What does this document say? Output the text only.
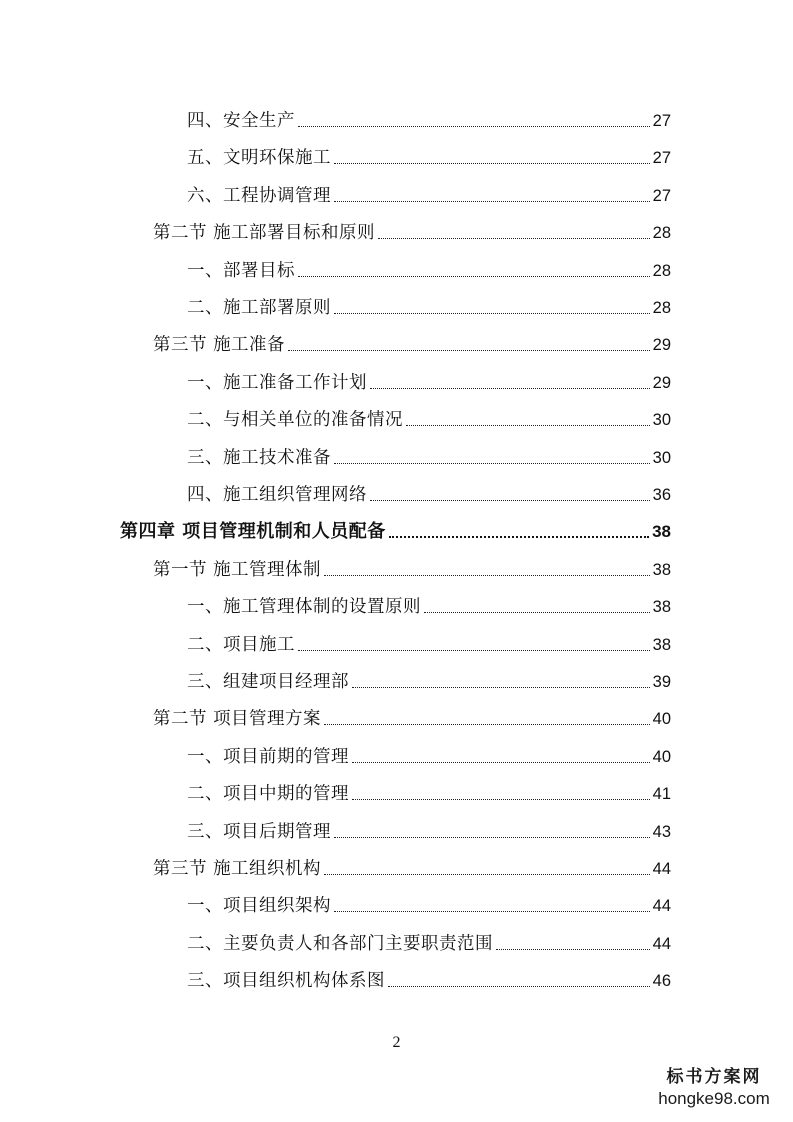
四、安全生产	27
五、文明环保施工	27
六、工程协调管理	27
第二节 施工部署目标和原则	28
一、部署目标	28
二、施工部署原则	28
第三节 施工准备	29
一、施工准备工作计划	29
二、与相关单位的准备情况	30
三、施工技术准备	30
四、施工组织管理网络	36
第四章 项目管理机制和人员配备	38
第一节 施工管理体制	38
一、施工管理体制的设置原则	38
二、项目施工	38
三、组建项目经理部	39
第二节 项目管理方案	40
一、项目前期的管理	40
二、项目中期的管理	41
三、项目后期管理	43
第三节 施工组织机构	44
一、项目组织架构	44
二、主要负责人和各部门主要职责范围	44
三、项目组织机构体系图	46
2
标书方案网
hongke98.com
